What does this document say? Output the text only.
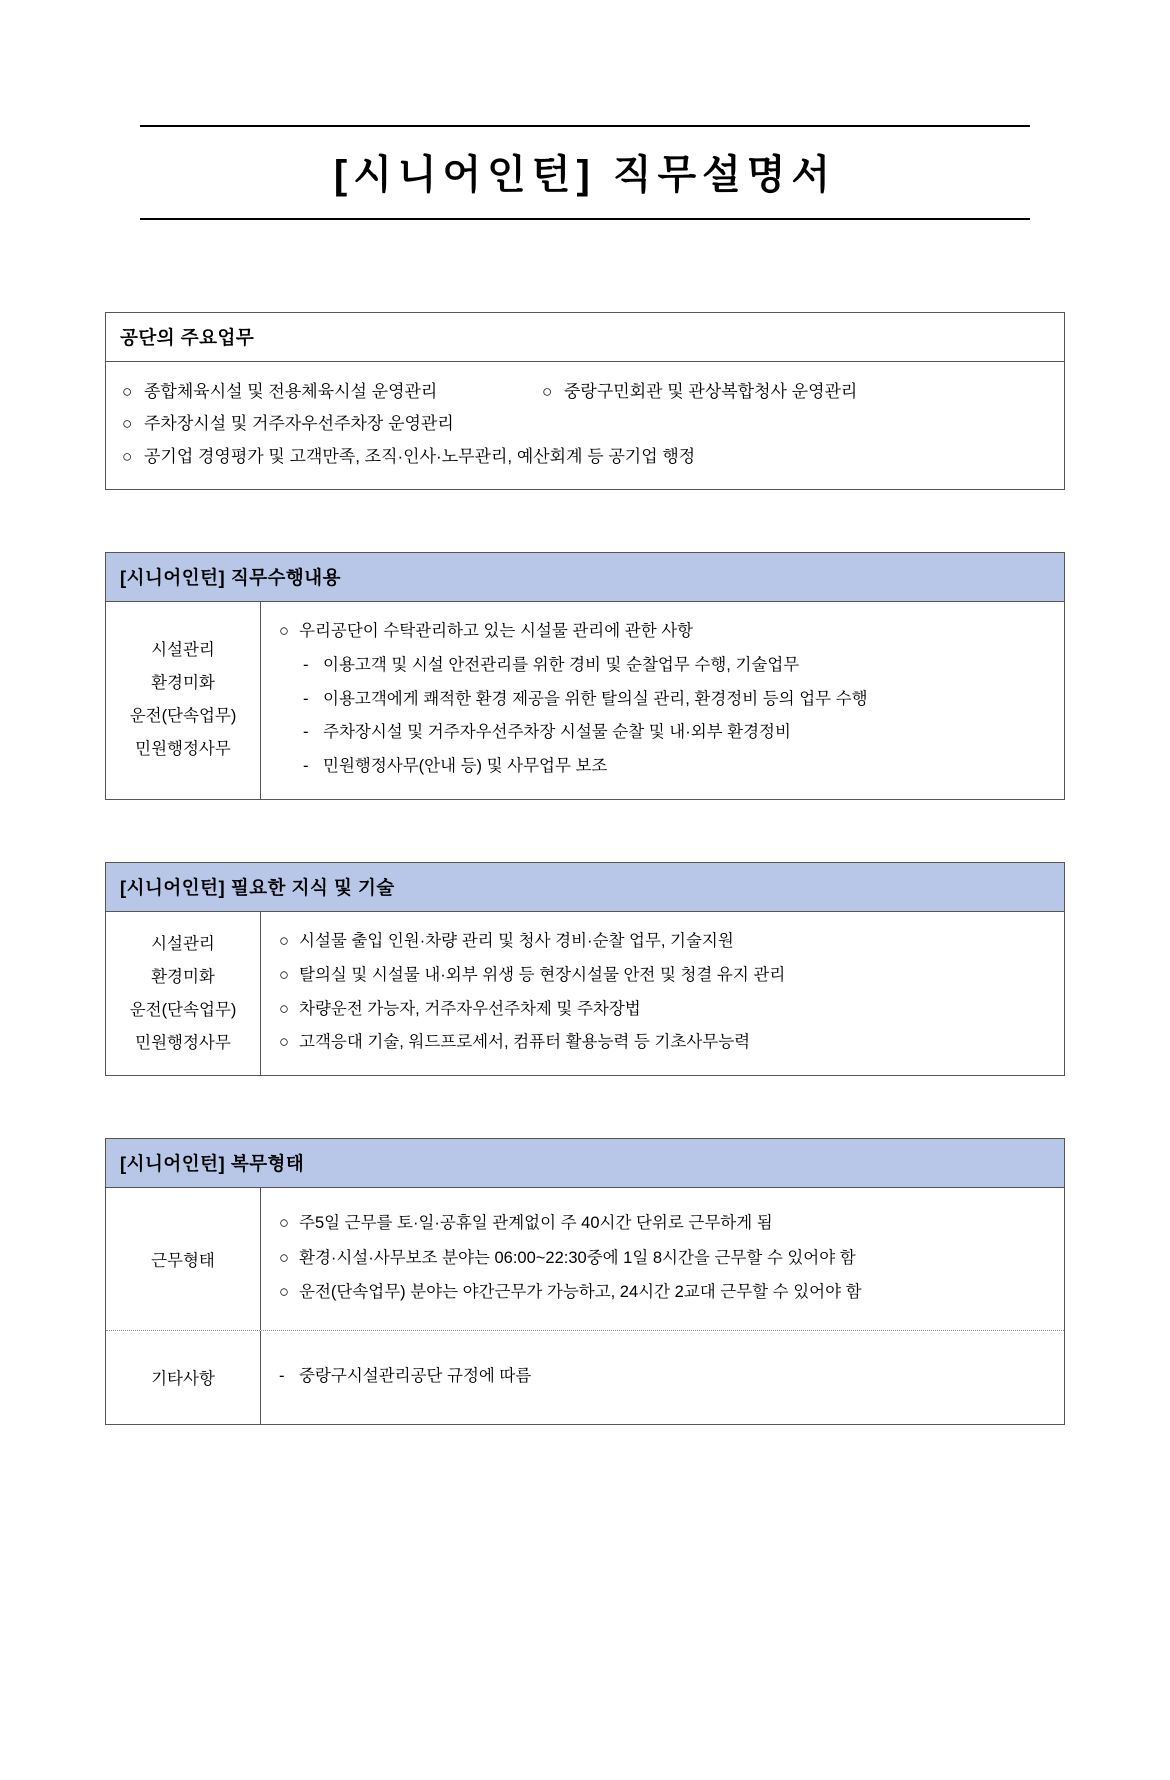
[시니어인턴] 직무설명서
공단의 주요업무
○ 종합체육시설 및 전용체육시설 운영관리	○ 중랑구민회관 및 관상복합청사 운영관리
○ 주차장시설 및 거주자우선주차장 운영관리
○ 공기업 경영평가 및 고객만족, 조직·인사·노무관리, 예산회계 등 공기업 행정
[시니어인턴] 직무수행내용
시설관리
환경미화
운전(단속업무)
민원행정사무
○ 우리공단이 수탁관리하고 있는 시설물 관리에 관한 사항
- 이용고객 및 시설 안전관리를 위한 경비 및 순찰업무 수행, 기술업무
- 이용고객에게 쾌적한 환경 제공을 위한 탈의실 관리, 환경정비 등의 업무 수행
- 주차장시설 및 거주자우선주차장 시설물 순찰 및 내·외부 환경정비
- 민원행정사무(안내 등) 및 사무업무 보조
[시니어인턴] 필요한 지식 및 기술
시설관리
환경미화
운전(단속업무)
민원행정사무
○ 시설물 출입 인원·차량 관리 및 청사 경비·순찰 업무, 기술지원
○ 탈의실 및 시설물 내·외부 위생 등 현장시설물 안전 및 청결 유지 관리
○ 차량운전 가능자, 거주자우선주차제 및 주차장법
○ 고객응대 기술, 워드프로세서, 컴퓨터 활용능력 등 기초사무능력
[시니어인턴] 복무형태
근무형태
○ 주5일 근무를 토·일·공휴일 관계없이 주 40시간 단위로 근무하게 됨
○ 환경·시설·사무보조 분야는 06:00~22:30중에 1일 8시간을 근무할 수 있어야 함
○ 운전(단속업무) 분야는 야간근무가 가능하고, 24시간 2교대 근무할 수 있어야 함
기타사항	- 중랑구시설관리공단 규정에 따름
